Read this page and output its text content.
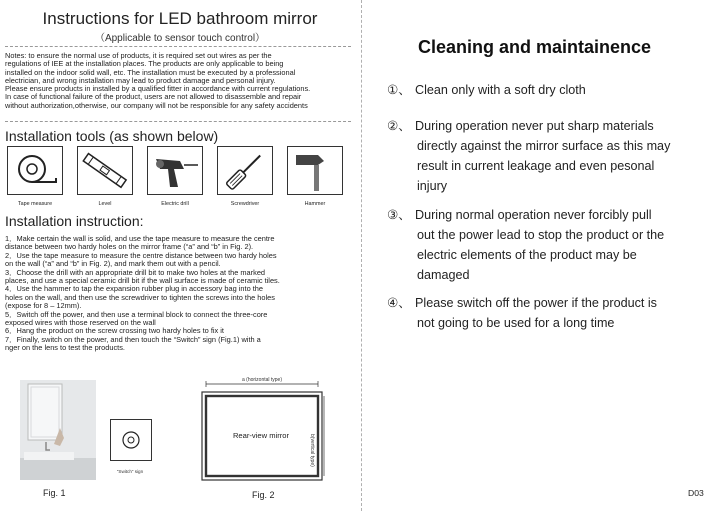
Instructions for LED bathroom mirror
（Applicable to sensor touch control）

Notes: to ensure the normal use of products, it is required set out wires as per the

regulations of IEE at the installation places. The products are only applicable to being

installed on the indoor solid wall, etc. The installation must be executed by a professional

electrician, and wrong installation may lead to product damage and personal injury.

Please ensure products in installed by a qualified fitter in accordance with current regulations.

In case of functional failure of the product, users are not allowed to disassemble and repair

without authorization,otherwise, our company will not be responsible for any safety accidents

Installation tools (as shown below)
Tape measure	Level	Electric drill	Screwdriver	Hammer
Installation instruction:

1．Make certain the wall is solid, and use the tape measure to measure the centre

distance between two hardy holes on the mirror frame (“a” and “b” in Fig. 2).

2．Use the tape measure to measure the centre distance between two hardy holes

on the wall (“a” and “b” in Fig. 2), and mark them out with a pencil.

3．Choose the drill with an appropriate drill bit to make two holes at the marked

places, and use a special ceramic drill bit if the wall surface is made of ceramic tiles.

4．Use the hammer to tap the expansion rubber plug in accessory bag into the

holes on the wall, and then use the screwdriver to tighten the screws into the holes

(expose for 8 – 12mm).

5．Switch off the power, and then use a terminal block to connect the three-core

exposed wires with those reserved on the wall

6．Hang the product on the screw crossing two hardy holes to fix it

7．Finally, switch on the power, and then touch the “Switch” sign (Fig.1) with a

nger on the lens to test the products.

“Switch” sign
Fig. 1
a (horizontal type)
Rear-view mirror	b(vertical type)
Fig. 2
Cleaning and maintainence
①、 Clean only with a soft dry cloth
②、 During operation never put sharp materials
directly against the mirror surface as this may
result in current leakage and even pesonal
injury
③、 During normal operation never forcibly pull
out the power lead to stop the product or the
electric elements of the product may be
damaged
④、 Please switch off the power if the product is
not going to be used for a long time
D03
